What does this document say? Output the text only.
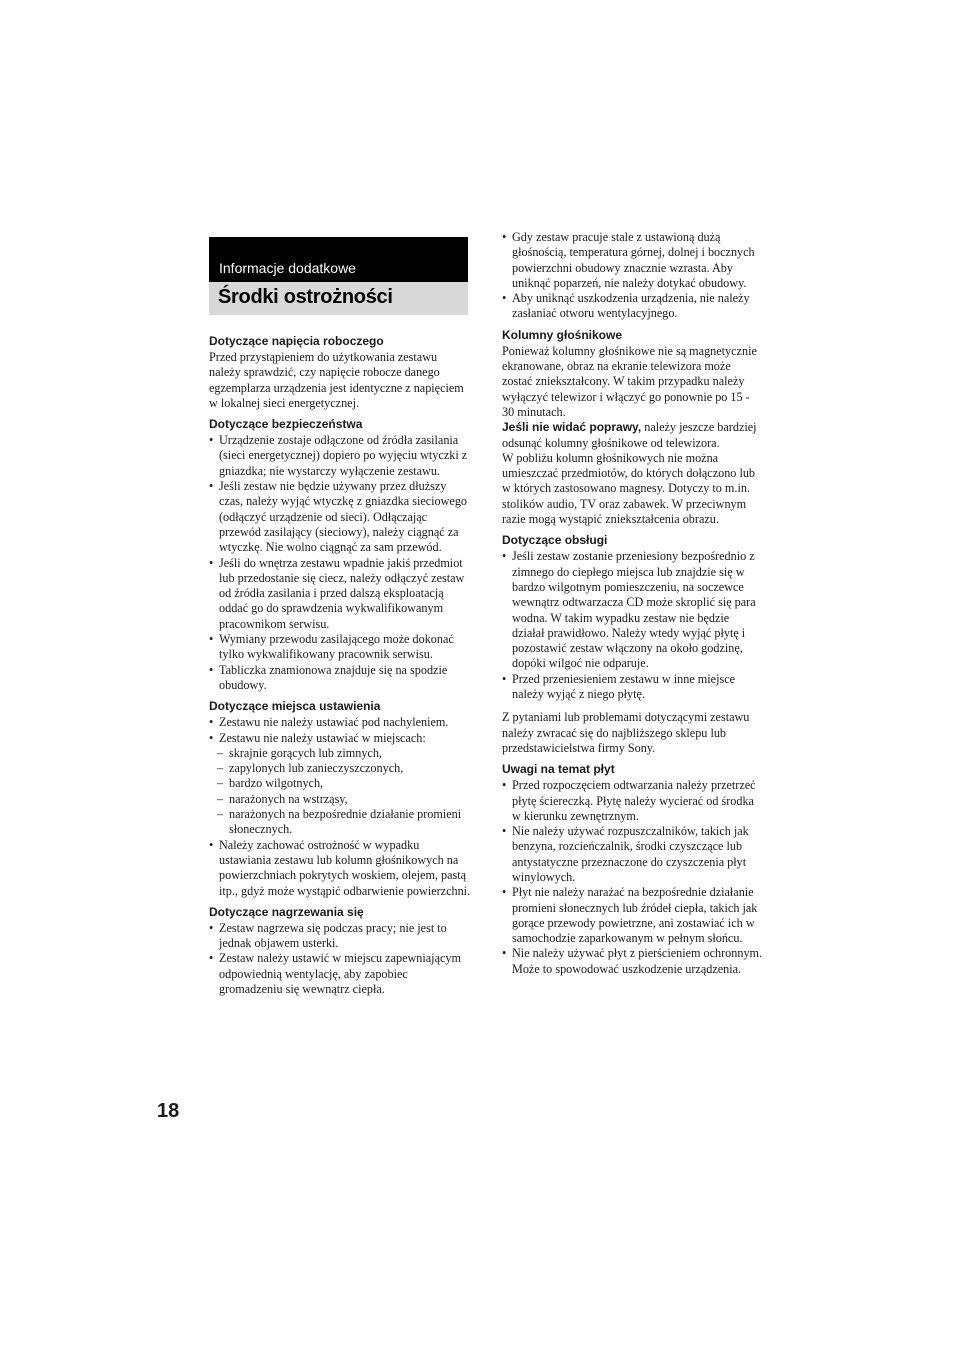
Informacje dodatkowe
Środki ostrożności
Dotyczące napięcia roboczego

Przed przystąpieniem do użytkowania zestawu należy sprawdzić, czy napięcie robocze danego egzemplarza urządzenia jest identyczne z napięciem w lokalnej sieci energetycznej.

Dotyczące bezpieczeństwa
• Urządzenie zostaje odłączone od źródła zasilania (sieci energetycznej) dopiero po wyjęciu wtyczki z gniazdka; nie wystarczy wyłączenie zestawu.
• Jeśli zestaw nie będzie używany przez dłuższy czas, należy wyjąć wtyczkę z gniazdka sieciowego (odłączyć urządzenie od sieci). Odłączając przewód zasilający (sieciowy), należy ciągnąć za wtyczkę. Nie wolno ciągnąć za sam przewód.
• Jeśli do wnętrza zestawu wpadnie jakiś przedmiot lub przedostanie się ciecz, należy odłączyć zestaw od źródła zasilania i przed dalszą eksploatacją oddać go do sprawdzenia wykwalifikowanym pracownikom serwisu.
• Wymiany przewodu zasilającego może dokonać tylko wykwalifikowany pracownik serwisu.
• Tabliczka znamionowa znajduje się na spodzie obudowy.
Dotyczące miejsca ustawienia
• Zestawu nie należy ustawiać pod nachyleniem.
• Zestawu nie należy ustawiać w miejscach:
– skrajnie gorących lub zimnych,
– zapylonych lub zanieczyszczonych,
– bardzo wilgotnych,
– narażonych na wstrząsy,
– narażonych na bezpośrednie działanie promieni słonecznych.
• Należy zachować ostrożność w wypadku ustawiania zestawu lub kolumn głośnikowych na powierzchniach pokrytych woskiem, olejem, pastą itp., gdyż może wystąpić odbarwienie powierzchni.
Dotyczące nagrzewania się
• Zestaw nagrzewa się podczas pracy; nie jest to jednak objawem usterki.
• Zestaw należy ustawić w miejscu zapewniającym odpowiednią wentylację, aby zapobiec gromadzeniu się wewnątrz ciepła.
• Gdy zestaw pracuje stale z ustawioną dużą głośnością, temperatura górnej, dolnej i bocznych powierzchni obudowy znacznie wzrasta. Aby uniknąć poparzeń, nie należy dotykać obudowy.
• Aby uniknąć uszkodzenia urządzenia, nie należy zasłaniać otworu wentylacyjnego.
Kolumny głośnikowe

Ponieważ kolumny głośnikowe nie są magnetycznie ekranowane, obraz na ekranie telewizora może zostać zniekształcony. W takim przypadku należy wyłączyć telewizor i włączyć go ponownie po 15 - 30 minutach.

Jeśli nie widać poprawy, należy jeszcze bardziej odsunąć kolumny głośnikowe od telewizora.

W pobliżu kolumn głośnikowych nie można umieszczać przedmiotów, do których dołączono lub w których zastosowano magnesy. Dotyczy to m.in. stolików audio, TV oraz zabawek. W przeciwnym razie mogą wystąpić zniekształcenia obrazu.

Dotyczące obsługi
• Jeśli zestaw zostanie przeniesiony bezpośrednio z zimnego do ciepłego miejsca lub znajdzie się w bardzo wilgotnym pomieszczeniu, na soczewce wewnątrz odtwarzacza CD może skroplić się para wodna. W takim wypadku zestaw nie będzie działał prawidłowo. Należy wtedy wyjąć płytę i pozostawić zestaw włączony na około godzinę, dopóki wilgoć nie odparuje.
• Przed przeniesieniem zestawu w inne miejsce należy wyjąć z niego płytę.

Z pytaniami lub problemami dotyczącymi zestawu należy zwracać się do najbliższego sklepu lub przedstawicielstwa firmy Sony.

Uwagi na temat płyt
• Przed rozpoczęciem odtwarzania należy przetrzeć płytę ściereczką. Płytę należy wycierać od środka w kierunku zewnętrznym.
• Nie należy używać rozpuszczalników, takich jak benzyna, rozcieńczalnik, środki czyszczące lub antystatyczne przeznaczone do czyszczenia płyt winylowych.
• Płyt nie należy narażać na bezpośrednie działanie promieni słonecznych lub źródeł ciepła, takich jak gorące przewody powietrzne, ani zostawiać ich w samochodzie zaparkowanym w pełnym słońcu.
• Nie należy używać płyt z pierścieniem ochronnym. Może to spowodować uszkodzenie urządzenia.
18
